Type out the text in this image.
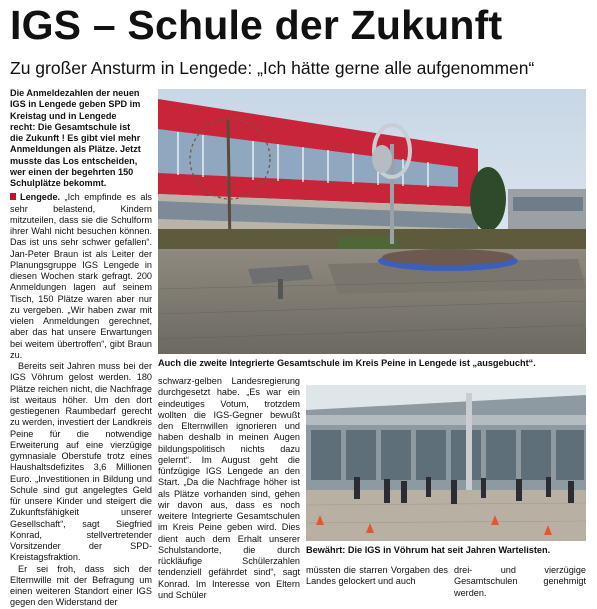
IGS – Schule der Zukunft
Zu großer Ansturm in Lengede: „Ich hätte gerne alle aufgenommen“
Die Anmeldezahlen der neuen
IGS in Lengede geben SPD im
Kreistag und in Lengede
recht: Die Gesamtschule ist
die Zukunft ! Es gibt viel mehr
Anmeldungen als Plätze. Jetzt
musste das Los entscheiden,
wer einen der begehrten 150
Schulplätze bekommt.

Lengede. „Ich empfinde es als sehr belastend, Kindern mitzuteilen, dass sie die Schulform ihrer Wahl nicht besuchen können. Das ist uns sehr schwer gefallen“. Jan-Peter Braun ist als Leiter der Planungsgruppe IGS Lengede in diesen Wochen stark gefragt. 200 Anmeldungen lagen auf seinem Tisch, 150 Plätze waren aber nur zu vergeben. „Wir haben zwar mit vielen Anmeldungen gerechnet, aber das hat unsere Erwartungen bei weitem übertroffen“, gibt Braun zu.

Bereits seit Jahren muss bei der IGS Vöhrum gelost werden. 180 Plätze reichen nicht, die Nachfrage ist weitaus höher. Um den dort gestiegenen Raumbedarf gerecht zu werden, investiert der Landkreis Peine für die notwendige Erweiterung auf eine vierzügige gymnasiale Oberstufe trotz eines Haushaltsdefizites 3,6 Millionen Euro. „Investitionen in Bildung und Schule sind gut angelegtes Geld für unsere Kinder und steigert die Zukunftsfähigkeit unserer Gesellschaft“, sagt Siegfried Konrad, stellvertretender Vorsitzender der SPD-Kreistagsfraktion.

Er sei froh, dass sich der Elternwille mit der Befragung um einen weiteren Standort einer IGS gegen den Widerstand der

Auch die zweite Integrierte Gesamtschule im Kreis Peine in Lengede ist „ausgebucht“.

schwarz-gelben Landesregierung durchgesetzt habe. „Es war ein eindeutiges Votum, trotzdem wollten die IGS-Gegner bewußt den Elternwillen ignorieren und haben deshalb in meinen Augen bildungspolitisch nichts dazu gelernt“. Im August geht die fünfzügige IGS Lengede an den Start. „Da die Nachfrage höher ist als Plätze vorhanden sind, gehen wir davon aus, dass es noch weitere Integrierte Gesamtschulen im Kreis Peine geben wird. Dies dient auch dem Erhalt unserer Schulstandorte, die durch rückläufige Schülerzahlen tendenziell gefährdet sind“, sagt Konrad. Im Interesse von Eltern und Schüler

Bewährt: Die IGS in Vöhrum hat seit Jahren Wartelisten.

müssten die starren Vorgaben des Landes gelockert und auch

drei- und vierzügige Gesamtschulen genehmigt werden.
